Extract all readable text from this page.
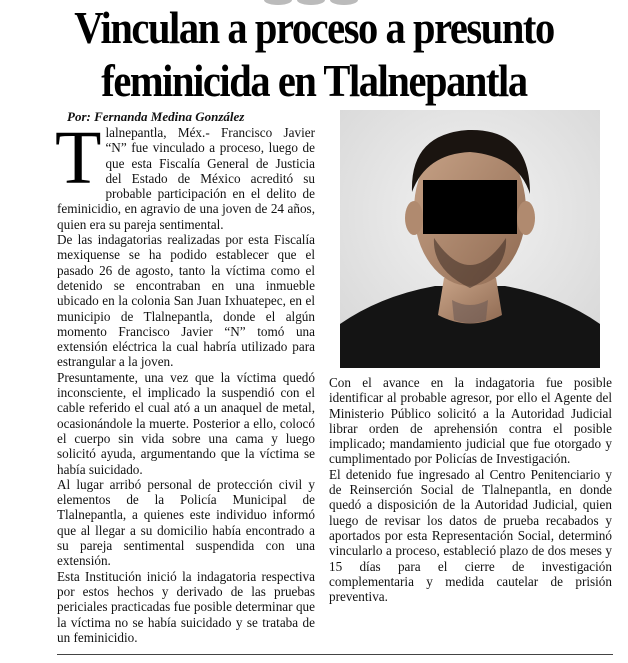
Vinculan a proceso a presunto
feminicida en Tlalnepantla
Por: Fernanda Medina González

Tlalnepantla, Méx.- Francisco Javier “N” fue vinculado a proceso, luego de que esta Fiscalía General de Justicia del Estado de México acreditó su probable participación en el delito de feminicidio, en agravio de una joven de 24 años, quien era su pareja sentimental.

De las indagatorias realizadas por esta Fiscalía mexiquense se ha podido establecer que el pasado 26 de agosto, tanto la víctima como el detenido se encontraban en una inmueble ubicado en la colonia San Juan Ixhuatepec, en el municipio de Tlalnepantla, donde el algún momento Francisco Javier “N” tomó una extensión eléctrica la cual habría utilizado para estrangular a la joven.

Presuntamente, una vez que la víctima quedó inconsciente, el implicado la suspendió con el cable referido el cual ató a un anaquel de metal, ocasionándole la muerte. Posterior a ello, colocó el cuerpo sin vida sobre una cama y luego solicitó ayuda, argumentando que la víctima se había suicidado.

Al lugar arribó personal de protección civil y elementos de la Policía Municipal de Tlalnepantla, a quienes este individuo informó que al llegar a su domicilio había encontrado a su pareja sentimental suspendida con una extensión.

Esta Institución inició la indagatoria respectiva por estos hechos y derivado de las pruebas periciales practicadas fue posible determinar que la víctima no se había suicidado y se trataba de un feminicidio.

Con el avance en la indagatoria fue posible identificar al probable agresor, por ello el Agente del Ministerio Público solicitó a la Autoridad Judicial librar orden de aprehensión contra el posible implicado; mandamiento judicial que fue otorgado y cumplimentado por Policías de Investigación.

El detenido fue ingresado al Centro Penitenciario y de Reinserción Social de Tlalnepantla, en donde quedó a disposición de la Autoridad Judicial, quien luego de revisar los datos de prueba recabados y aportados por esta Representación Social, determinó vincularlo a proceso, estableció plazo de dos meses y 15 días para el cierre de investigación complementaria y medida cautelar de prisión preventiva.
